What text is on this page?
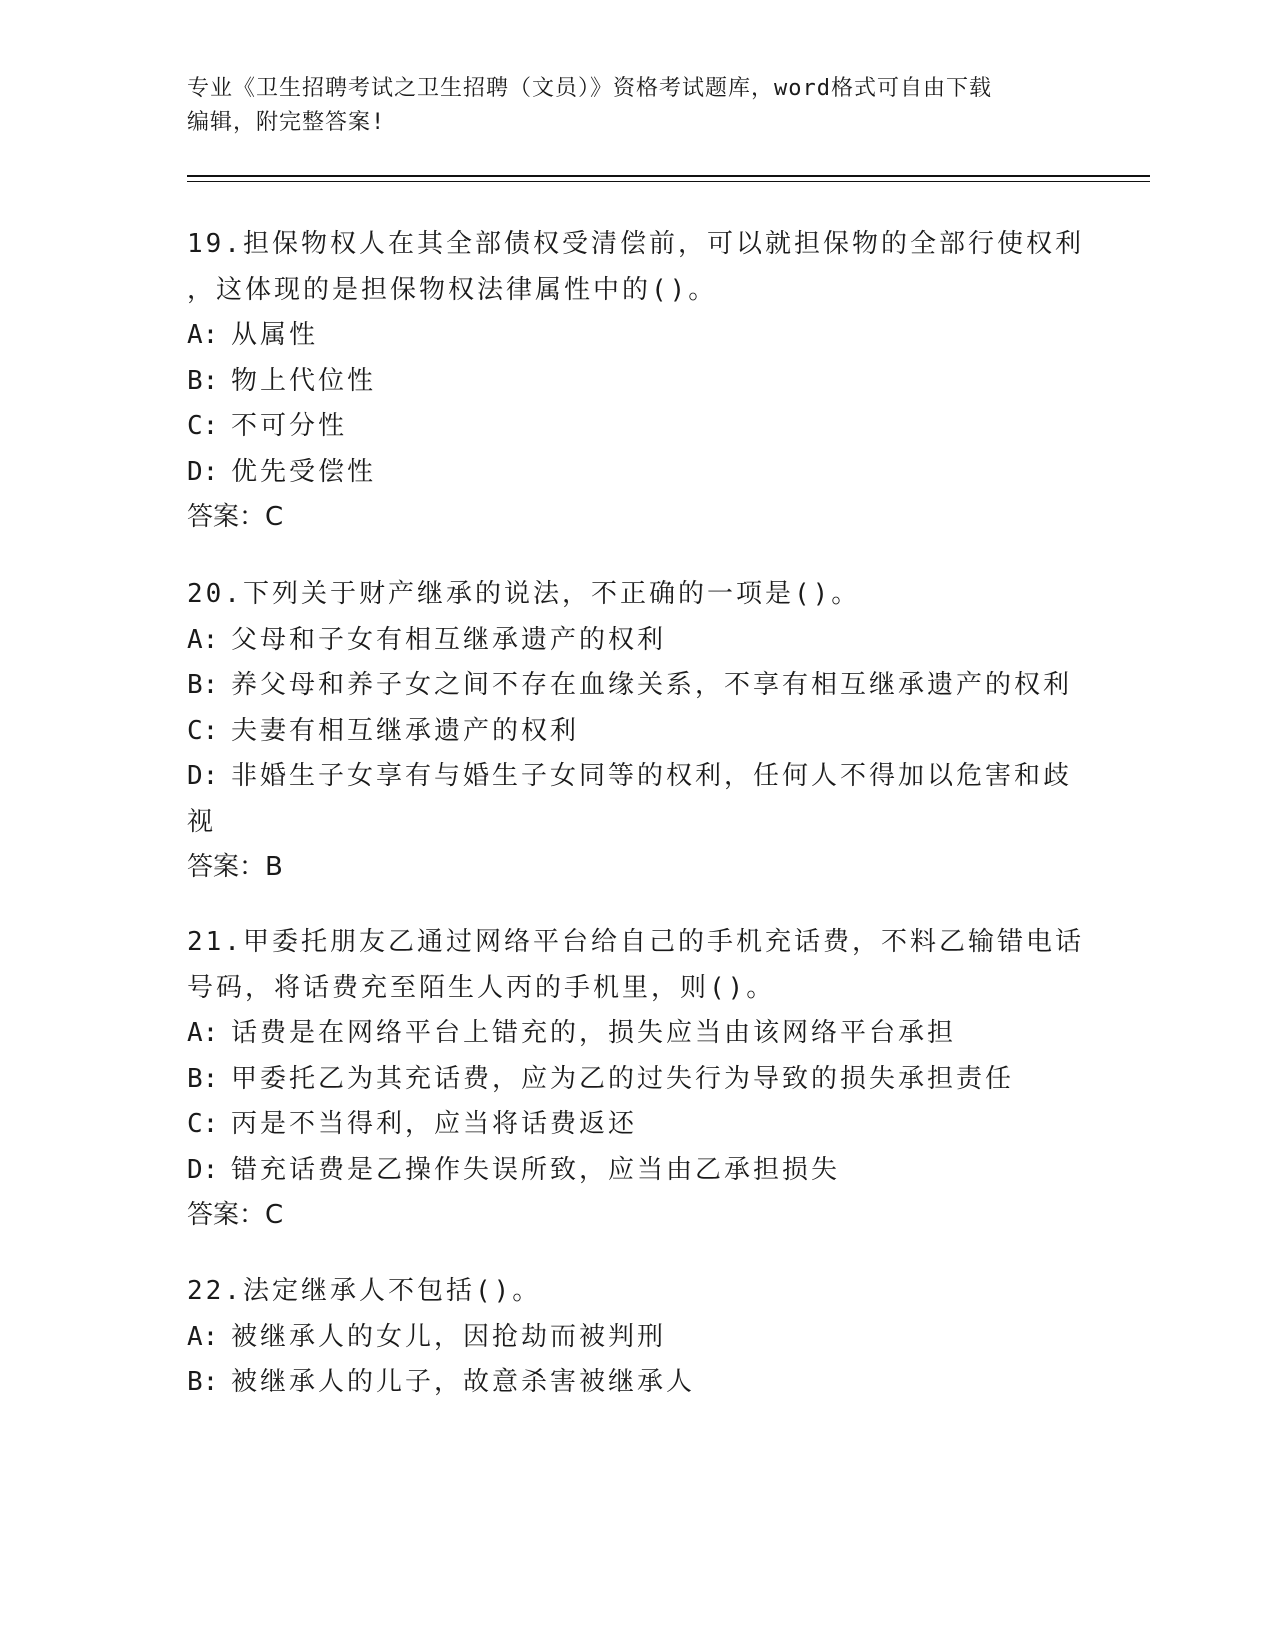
专业《卫生招聘考试之卫生招聘（文员）》资格考试题库，word格式可自由下载
编辑，附完整答案!
19.担保物权人在其全部债权受清偿前，可以就担保物的全部行使权利
，这体现的是担保物权法律属性中的()。
A: 从属性
B: 物上代位性
C: 不可分性
D: 优先受偿性
答案：C
20.下列关于财产继承的说法，不正确的一项是()。
A: 父母和子女有相互继承遗产的权利
B: 养父母和养子女之间不存在血缘关系，不享有相互继承遗产的权利
C: 夫妻有相互继承遗产的权利
D: 非婚生子女享有与婚生子女同等的权利，任何人不得加以危害和歧
视
答案：B
21.甲委托朋友乙通过网络平台给自己的手机充话费，不料乙输错电话
号码，将话费充至陌生人丙的手机里，则()。
A: 话费是在网络平台上错充的，损失应当由该网络平台承担
B: 甲委托乙为其充话费，应为乙的过失行为导致的损失承担责任
C: 丙是不当得利，应当将话费返还
D: 错充话费是乙操作失误所致，应当由乙承担损失
答案：C
22.法定继承人不包括()。
A: 被继承人的女儿，因抢劫而被判刑
B: 被继承人的儿子，故意杀害被继承人
